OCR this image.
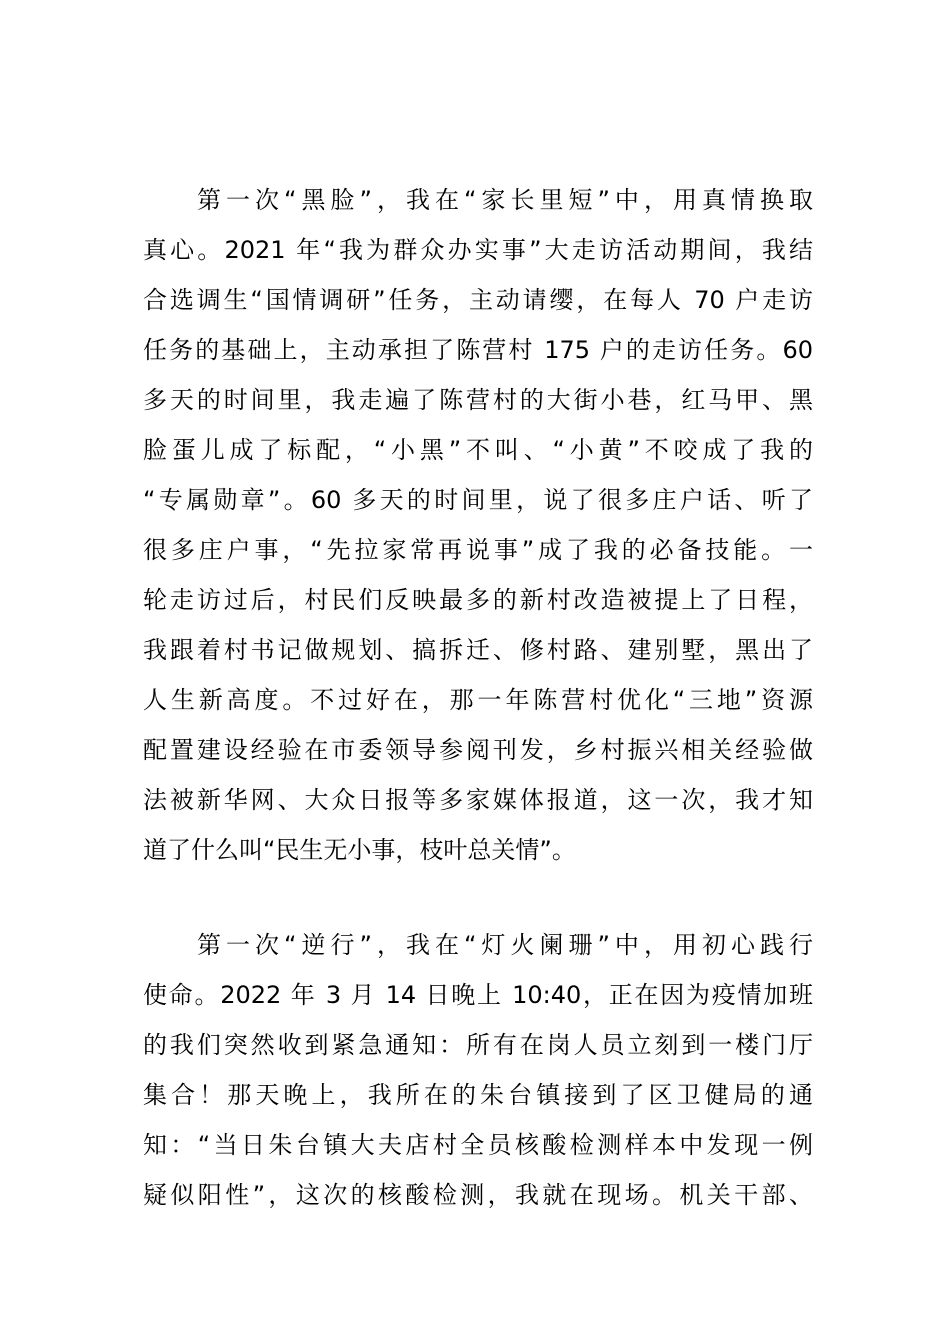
第一次“黑脸”，我在“家长里短”中，用真情换取
真心。2021 年“我为群众办实事”大走访活动期间，我结
合选调生“国情调研”任务，主动请缨，在每人 70 户走访
任务的基础上，主动承担了陈营村 175 户的走访任务。60
多天的时间里，我走遍了陈营村的大街小巷，红马甲、黑
脸蛋儿成了标配，“小黑”不叫、“小黄”不咬成了我的
“专属勋章”。60 多天的时间里，说了很多庄户话、听了
很多庄户事，“先拉家常再说事”成了我的必备技能。一
轮走访过后，村民们反映最多的新村改造被提上了日程，
我跟着村书记做规划、搞拆迁、修村路、建别墅，黑出了
人生新高度。不过好在，那一年陈营村优化“三地”资源
配置建设经验在市委领导参阅刊发，乡村振兴相关经验做
法被新华网、大众日报等多家媒体报道，这一次，我才知
道了什么叫“民生无小事，枝叶总关情”。
第一次“逆行”，我在“灯火阑珊”中，用初心践行
使命。2022 年 3 月 14 日晚上 10:40，正在因为疫情加班
的我们突然收到紧急通知：所有在岗人员立刻到一楼门厅
集合！那天晚上，我所在的朱台镇接到了区卫健局的通
知：“当日朱台镇大夫店村全员核酸检测样本中发现一例
疑似阳性”，这次的核酸检测，我就在现场。机关干部、
